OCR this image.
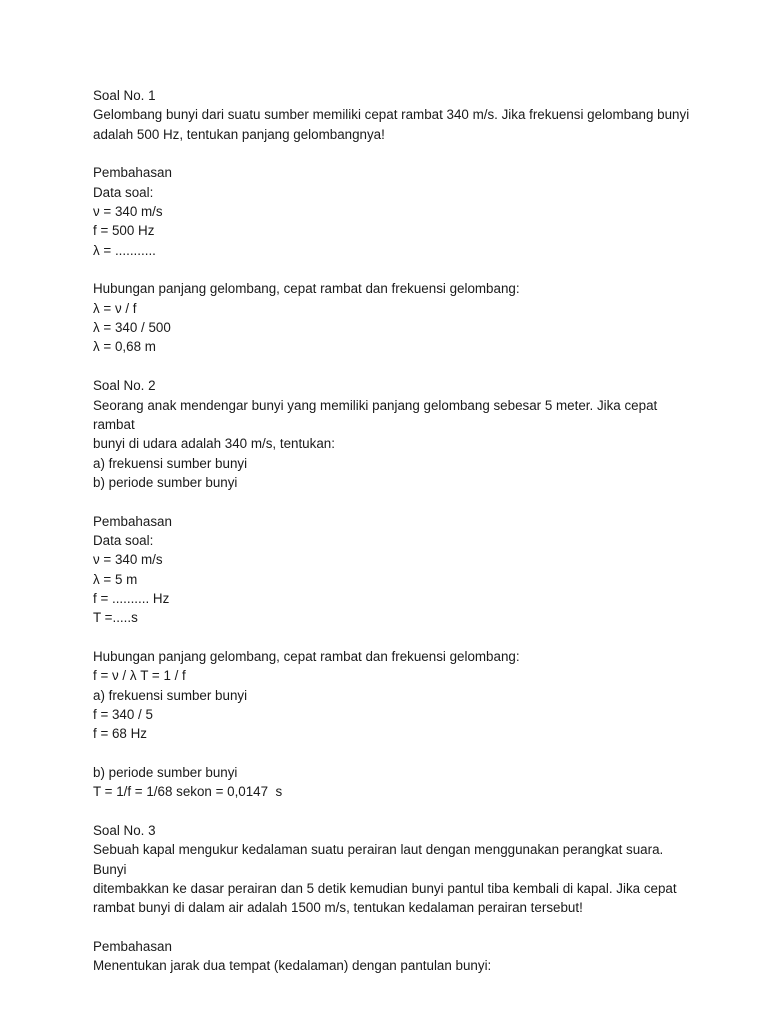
Soal No. 1
Gelombang bunyi dari suatu sumber memiliki cepat rambat 340 m/s. Jika frekuensi gelombang bunyi
adalah 500 Hz, tentukan panjang gelombangnya!
Pembahasan
Data soal:
ν = 340 m/s
f = 500 Hz
λ = ...........
Hubungan panjang gelombang, cepat rambat dan frekuensi gelombang:
λ = ν / f
λ = 340 / 500
λ = 0,68 m
Soal No. 2
Seorang anak mendengar bunyi yang memiliki panjang gelombang sebesar 5 meter. Jika cepat rambat
bunyi di udara adalah 340 m/s, tentukan:
a) frekuensi sumber bunyi
b) periode sumber bunyi
Pembahasan
Data soal:
ν = 340 m/s
λ = 5 m
f = .......... Hz
T =.....s
Hubungan panjang gelombang, cepat rambat dan frekuensi gelombang:
f = ν / λ T = 1 / f
a) frekuensi sumber bunyi
f = 340 / 5
f = 68 Hz
b) periode sumber bunyi
T = 1/f = 1/68 sekon = 0,0147  s
Soal No. 3
Sebuah kapal mengukur kedalaman suatu perairan laut dengan menggunakan perangkat suara. Bunyi
ditembakkan ke dasar perairan dan 5 detik kemudian bunyi pantul tiba kembali di kapal. Jika cepat
rambat bunyi di dalam air adalah 1500 m/s, tentukan kedalaman perairan tersebut!
Pembahasan
Menentukan jarak dua tempat (kedalaman) dengan pantulan bunyi:
